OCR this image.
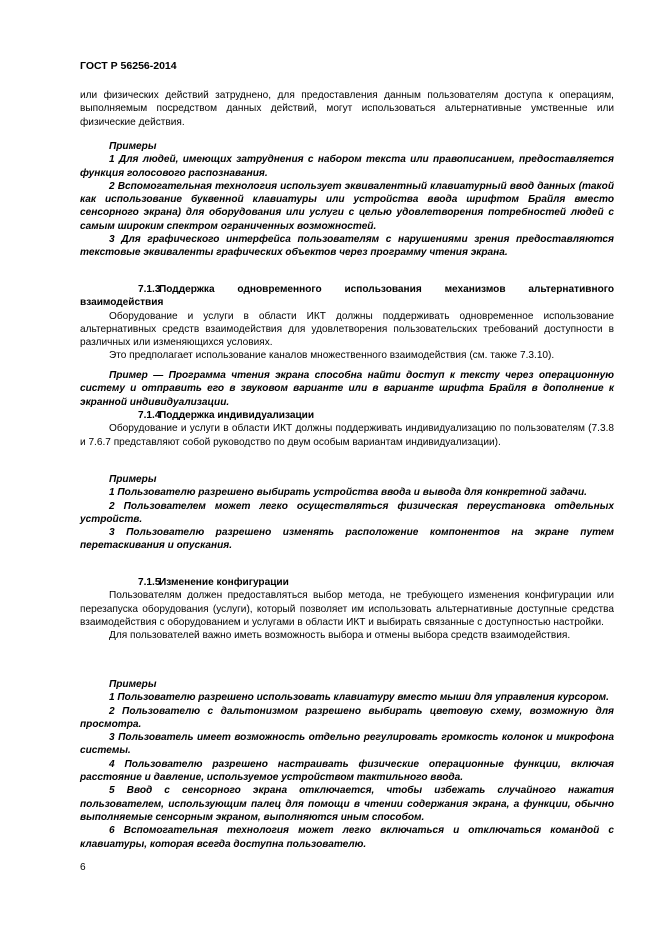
ГОСТ Р 56256-2014

или физических действий затруднено, для предоставления данным пользователям доступа к операциям, выполняемым посредством данных действий, могут использоваться альтернативные умственные или физические действия.

Примеры

1 Для людей, имеющих затруднения с набором текста или правописанием, предоставляется функция голосового распознавания.

2 Вспомогательная технология использует эквивалентный клавиатурный ввод данных (такой как использование буквенной клавиатуры или устройства ввода шрифтом Брайля вместо сенсорного экрана) для оборудования или услуги с целью удовлетворения потребностей людей с самым широким спектром ограниченных возможностей.

3 Для графического интерфейса пользователям с нарушениями зрения предоставляются текстовые эквиваленты графических объектов через программу чтения экрана.

7.1.3Поддержка одновременного использования механизмов альтернативного взаимодействия

Оборудование и услуги в области ИКТ должны поддерживать одновременное использование альтернативных средств взаимодействия для удовлетворения пользовательских требований доступности в различных или изменяющихся условиях.

Это предполагает использование каналов множественного взаимодействия (см. также 7.3.10).

Пример — Программа чтения экрана способна найти доступ к тексту через операционную систему и отправить его в звуковом варианте или в варианте шрифта Брайля в дополнение к экранной индивидуализации.

7.1.4Поддержка индивидуализации

Оборудование и услуги в области ИКТ должны поддерживать индивидуализацию по пользователям (7.3.8 и 7.6.7 представляют собой руководство по двум особым вариантам индивидуализации).

Примеры

1 Пользователю разрешено выбирать устройства ввода и вывода для конкретной задачи.

2 Пользователем может легко осуществляться физическая переустановка отдельных устройств.

3 Пользователю разрешено изменять расположение компонентов на экране путем перетаскивания и опускания.

7.1.5Изменение конфигурации

Пользователям должен предоставляться выбор метода, не требующего изменения конфигурации или перезапуска оборудования (услуги), который позволяет им использовать альтернативные доступные средства взаимодействия с оборудованием и услугами в области ИКТ и выбирать связанные с доступностью настройки.

Для пользователей важно иметь возможность выбора и отмены выбора средств взаимодействия.

Примеры

1 Пользователю разрешено использовать клавиатуру вместо мыши для управления курсором.

2 Пользователю с дальтонизмом разрешено выбирать цветовую схему, возможную для просмотра.

3 Пользователь имеет возможность отдельно регулировать громкость колонок и микрофона системы.

4 Пользователю разрешено настраивать физические операционные функции, включая расстояние и давление, используемое устройством тактильного ввода.

5 Ввод с сенсорного экрана отключается, чтобы избежать случайного нажатия пользователем, использующим палец для помощи в чтении содержания экрана, а функции, обычно выполняемые сенсорным экраном, выполняются иным способом.

6 Вспомогательная технология может легко включаться и отключаться командой с клавиатуры, которая всегда доступна пользователю.

6
